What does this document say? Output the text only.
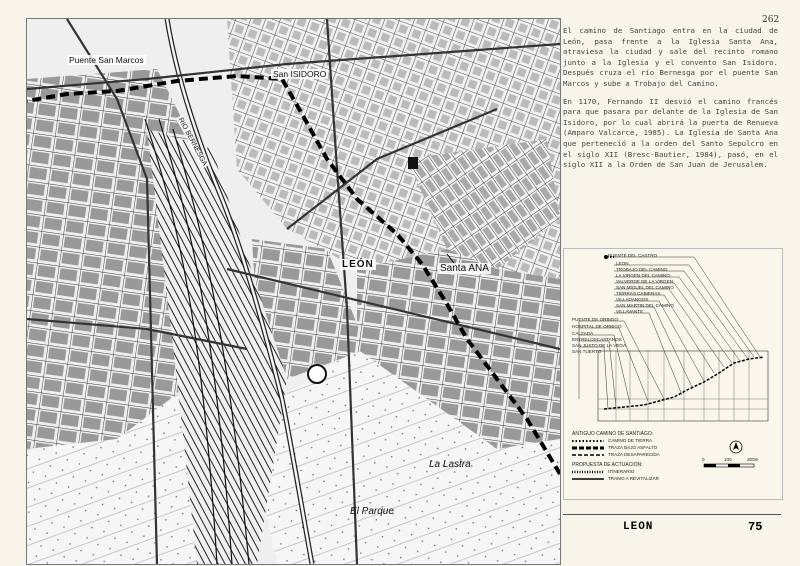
262
Puente San Marcos
San ISIDORO
RIO BERNESGA
LEÓN	Santa ANA
La Lastra
El Parque

El camino de Santiago entra en la ciudad de León, pasa frente a la Iglesia Santa Ana, atraviesa la ciudad y sale del recinto romano junto a la Iglesia y el convento San Isidoro. Después cruza el río Bernesga por el puente San Marcos y sube a Trobajo del Camino.

En 1170, Fernando II desvió el camino francés para que pasara por delante de la Iglesia de San Isidoro, por lo cual abrirá la puerta de Renueva (Amparo Valcarce, 1985). La Iglesia de Santa Ana que perteneció a la orden del Santo Sepulcro en el siglo XII (Bresc-Bautier, 1984), pasó, en el siglo XII a la Orden de San Juan de Jerusalem.

PUENTE DEL CASTRO
LEON
TROBAJO DEL CAMINO
LA VIRGEN DEL CAMINO
VALVERDE DE LA VIRGEN
SAN MIGUEL DEL CAMINO
TIERRAS CABIERAS
VILLADANGOS
SAN MARTIN DEL CAMINO
VILLAVANTE
PUENTE DE ORBIGO
HOSPITAL DE ORBIGO
CALZADA
ENTRELOSCASTANOS
SAN JUSTO DE LA VEGA
SAN TUERTO
ANTIGUO CAMINO DE SANTIAGO:
CAMINO DE TIERRA
TRAZA BAJO ASFALTO
TRAZA DESAPARECIDA
PROPUESTA DE ACTUACION:
ITINERARIO
TRAMO A REVITALIZAR
0	100	200m
LEON	75
